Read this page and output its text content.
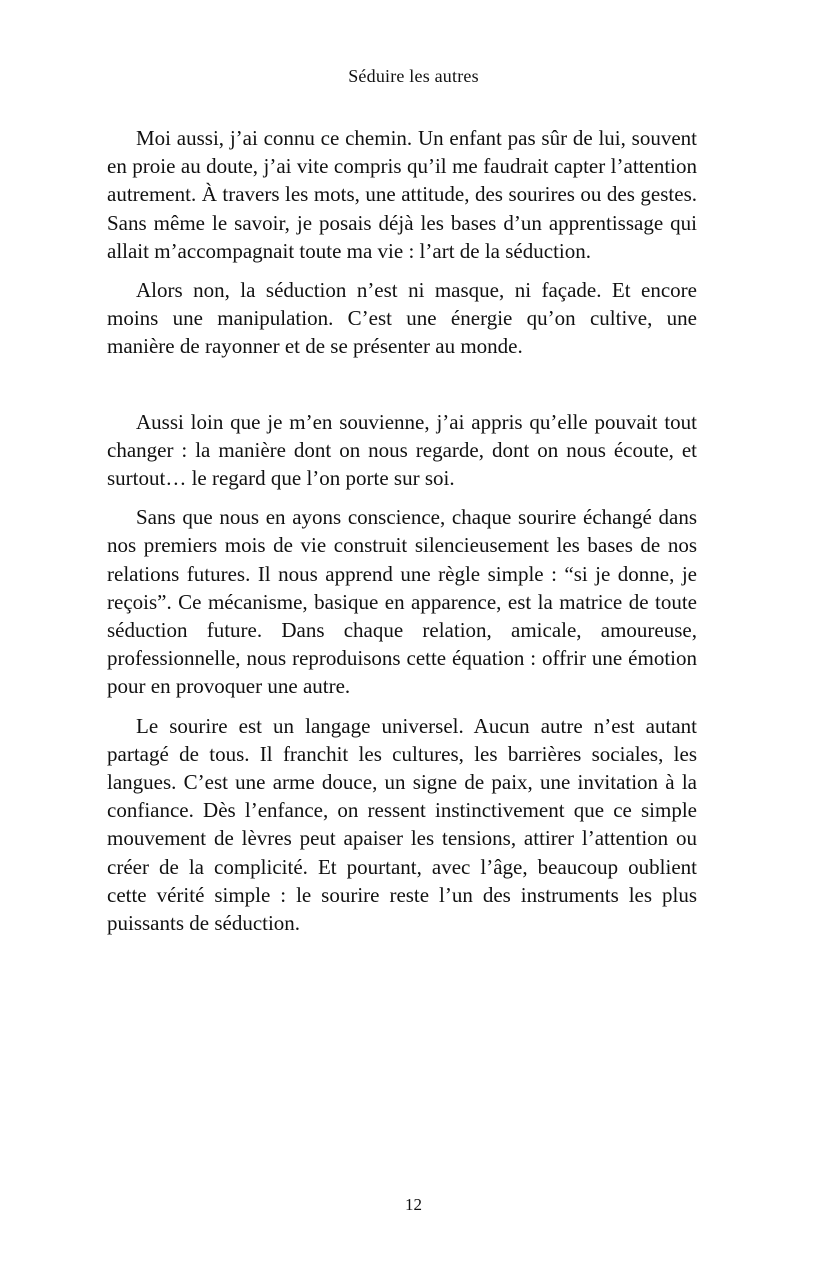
Séduire les autres

Moi aussi, j’ai connu ce chemin. Un enfant pas sûr de lui, souvent en proie au doute, j’ai vite compris qu’il me faudrait capter l’attention autrement. À travers les mots, une attitude, des sourires ou des gestes. Sans même le savoir, je posais déjà les bases d’un apprentissage qui allait m’accompagnait toute ma vie : l’art de la séduction.

Alors non, la séduction n’est ni masque, ni façade. Et encore moins une manipulation. C’est une énergie qu’on cultive, une manière de rayonner et de se présenter au monde.

Aussi loin que je m’en souvienne, j’ai appris qu’elle pouvait tout changer : la manière dont on nous regarde, dont on nous écoute, et surtout… le regard que l’on porte sur soi.

Sans que nous en ayons conscience, chaque sourire échangé dans nos premiers mois de vie construit silencieusement les bases de nos relations futures. Il nous apprend une règle simple : “si je donne, je reçois”. Ce mécanisme, basique en apparence, est la matrice de toute séduction future. Dans chaque relation, amicale, amoureuse, professionnelle, nous reproduisons cette équation : offrir une émotion pour en provoquer une autre.

Le sourire est un langage universel. Aucun autre n’est autant partagé de tous. Il franchit les cultures, les barrières sociales, les langues. C’est une arme douce, un signe de paix, une invitation à la confiance. Dès l’enfance, on ressent instinctivement que ce simple mouvement de lèvres peut apaiser les tensions, attirer l’attention ou créer de la complicité. Et pourtant, avec l’âge, beaucoup oublient cette vérité simple : le sourire reste l’un des instruments les plus puissants de séduction.

12
